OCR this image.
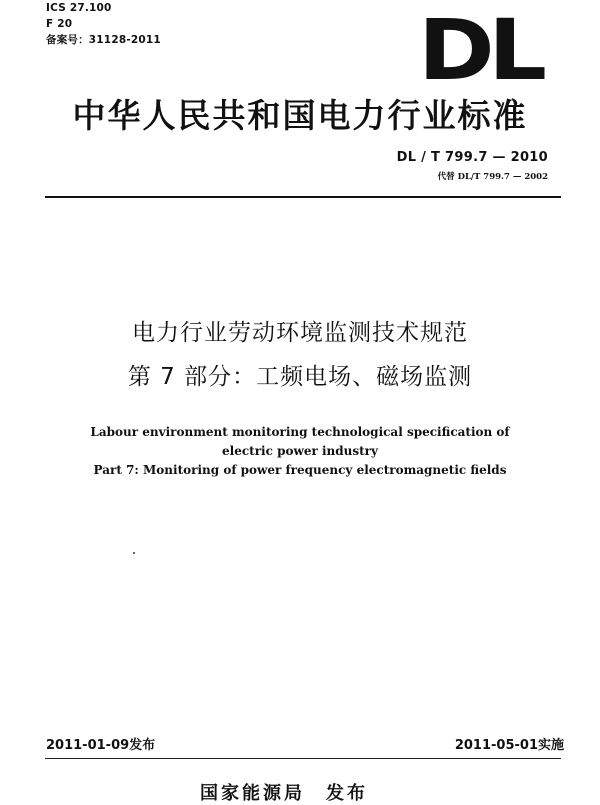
ICS 27.100
F 20
备案号：31128-2011	DL
中华人民共和国电力行业标准
DL / T 799.7 — 2010
代替 DL/T 799.7 — 2002
电力行业劳动环境监测技术规范
第 7 部分：工频电场、磁场监测
Labour environment monitoring technological specification of
electric power industry
Part 7: Monitoring of power frequency electromagnetic fields
2011-01-09发布	2011-05-01实施
国家能源局　发布
